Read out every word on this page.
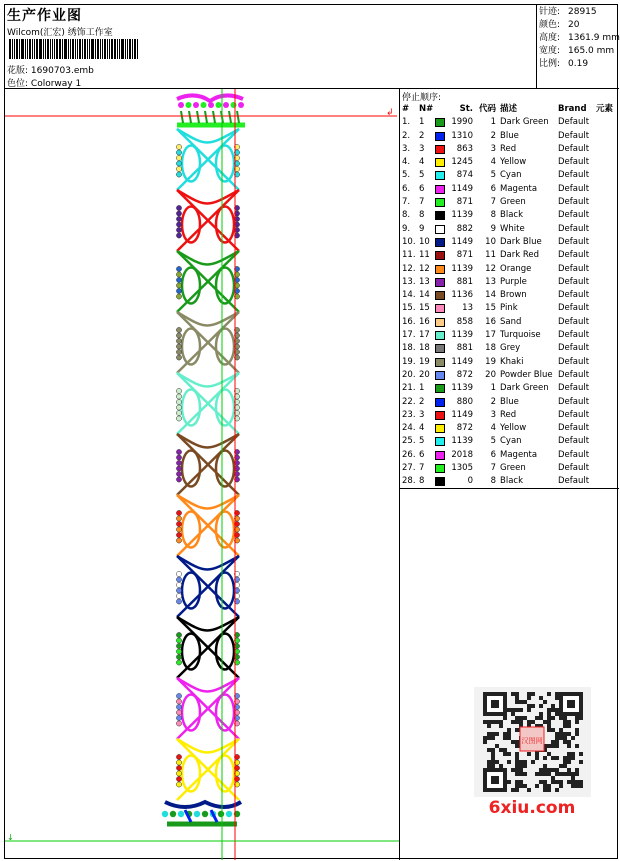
生产作业图
Wilcom(汇宏) 绣饰工作室
花版: 1690703.emb
色位: Colorway 1
针迹: 28915
颜色: 20
高度: 1361.9 mm
宽度: 165.0 mm
比例: 0.19
↲
↓
停止顺序:
#	N#	St. 代码 描述	Brand	元素
1.	1	1990	1 Dark Green	Default
2.	2	1310	2 Blue	Default
3.	3	863	3 Red	Default
4.	4	1245	4 Yellow	Default
5.	5	874	5 Cyan	Default
6.	6	1149	6 Magenta	Default
7.	7	871	7 Green	Default
8.	8	1139	8 Black	Default
9.	9	882	9 White	Default
10. 10	1149	10 Dark Blue	Default
11. 11	871	11 Dark Red	Default
12. 12	1139	12 Orange	Default
13. 13	881	13 Purple	Default
14. 14	1136	14 Brown	Default
15. 15	13	15 Pink	Default
16. 16	858	16 Sand	Default
17. 17	1139	17 Turquoise	Default
18. 18	881	18 Grey	Default
19. 19	1149	19 Khaki	Default
20. 20	872	20 Powder Blue Default
21. 1	1139	1 Dark Green	Default
22. 2	880	2 Blue	Default
23. 3	1149	3 Red	Default
24. 4	872	4 Yellow	Default
25. 5	1139	5 Cyan	Default
26. 6	2018	6 Magenta	Default
27. 7	1305	7 Green	Default
28. 8	0	8 Black	Default
汉图网
6xiu.com
